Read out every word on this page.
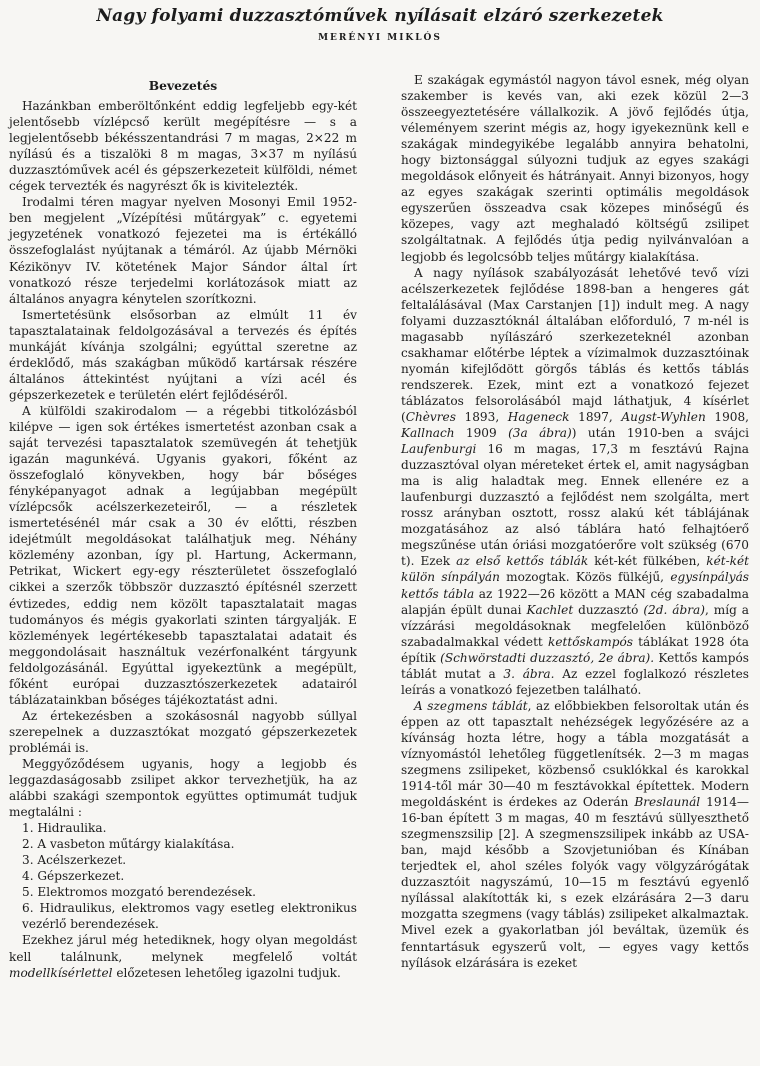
Nagy folyami duzzasztóművek nyílásait elzáró szerkezetek
MERÉNYI MIKLÓS
Bevezetés

Hazánkban emberöltőnként eddig legfeljebb egy-két jelentősebb vízlépcső került megépítésre — s a legjelentősebb békésszentandrási 7 m magas, 2×22 m nyílású és a tiszalöki 8 m magas, 3×37 m nyílású duzzasztóművek acél és gépszerkezeteit külföldi, német cégek tervezték és nagyrészt ők is kivitelezték.

Irodalmi téren magyar nyelven Mosonyi Emil 1952-ben megjelent „Vízépítési műtárgyak” c. egyetemi jegyzetének vonatkozó fejezetei ma is értékálló összefoglalást nyújtanak a témáról. Az újabb Mérnöki Kézikönyv IV. kötetének Major Sándor által írt vonatkozó része terjedelmi korlátozások miatt az általános anyagra kénytelen szorítkozni.

Ismertetésünk elsősorban az elmúlt 11 év tapasztalatainak feldolgozásával a tervezés és építés munkáját kívánja szolgálni; egyúttal szeretne az érdeklődő, más szakágban működő kartársak részére általános áttekintést nyújtani a vízi acél és gépszerkezetek e területén elért fejlődéséről.

A külföldi szakirodalom — a régebbi titkolózásból kilépve — igen sok értékes ismertetést azonban csak a saját tervezési tapasztalatok szemüvegén át tehetjük igazán magunkévá. Ugyanis gyakori, főként az összefoglaló könyvekben, hogy bár bőséges fényképanyagot adnak a legújabban megépült vízlépcsők acélszerkezeteiről, — a részletek ismertetésénél már csak a 30 év előtti, részben idejétmúlt megoldásokat találhatjuk meg. Néhány közlemény azonban, így pl. Hartung, Ackermann, Petrikat, Wickert egy-egy részterületet összefoglaló cikkei a szerzők többször duzzasztó építésnél szerzett évtizedes, eddig nem közölt tapasztalatait magas tudományos és mégis gyakorlati szinten tárgyalják. E közlemények legértékesebb tapasztalatai adatait és meggondolásait használtuk vezérfonalként tárgyunk feldolgozásánál. Egyúttal igyekeztünk a megépült, főként európai duzzasztószerkezetek adatairól táblázatainkban bőséges tájékoztatást adni.

Az értekezésben a szokásosnál nagyobb súllyal szerepelnek a duzzasztókat mozgató gépszerkezetek problémái is.

Meggyőződésem ugyanis, hogy a legjobb és leggazdaságosabb zsilipet akkor tervezhetjük, ha az alábbi szakági szempontok együttes optimumát tudjuk megtalálni :

1. Hidraulika.
2. A vasbeton műtárgy kialakítása.
3. Acélszerkezet.
4. Gépszerkezet.
5. Elektromos mozgató berendezések.
6. Hidraulikus, elektromos vagy esetleg elektronikus vezérlő berendezések.

Ezekhez járul még hetediknek, hogy olyan megoldást kell találnunk, melynek megfelelő voltát modellkísérlettel előzetesen lehetőleg igazolni tudjuk.

E szakágak egymástól nagyon távol esnek, még olyan szakember is kevés van, aki ezek közül 2—3 összeegyeztetésére vállalkozik. A jövő fejlődés útja, véleményem szerint mégis az, hogy igyekeznünk kell e szakágak mindegyikébe legalább annyira behatolni, hogy biztonsággal súlyozni tudjuk az egyes szakági megoldások előnyeit és hátrányait. Annyi bizonyos, hogy az egyes szakágak szerinti optimális megoldások egyszerűen összeadva csak közepes minőségű és közepes, vagy azt meghaladó költségű zsilipet szolgáltatnak. A fejlődés útja pedig nyilvánvalóan a legjobb és legolcsóbb teljes műtárgy kialakítása.

A nagy nyílások szabályozását lehetővé tevő vízi acélszerkezetek fejlődése 1898-ban a hengeres gát feltalálásával (Max Carstanjen [1]) indult meg. A nagy folyami duzzasztóknál általában előforduló, 7 m-nél is magasabb nyílászáró szerkezeteknél azonban csakhamar előtérbe léptek a vízimalmok duzzasztóinak nyomán kifejlődött görgős táblás és kettős táblás rendszerek. Ezek, mint ezt a vonatkozó fejezet táblázatos felsorolásából majd láthatjuk, 4 kísérlet (Chèvres 1893, Hageneck 1897, Augst-Wyhlen 1908, Kallnach 1909 (3a ábra)) után 1910-ben a svájci Laufenburgi 16 m magas, 17,3 m fesztávú Rajna duzzasztóval olyan méreteket értek el, amit nagyságban ma is alig haladtak meg. Ennek ellenére ez a laufenburgi duzzasztó a fejlődést nem szolgálta, mert rossz arányban osztott, rossz alakú két táblájának mozgatásához az alsó táblára ható felhajtóerő megszűnése után óriási mozgatóerőre volt szükség (670 t). Ezek az első kettős táblák két-két fülkében, két-két külön sínpályán mozogtak. Közös fülkéjű, egysínpályás kettős tábla az 1922—26 között a MAN cég szabadalma alapján épült dunai Kachlet duzzasztó (2d. ábra), míg a vízzárási megoldásoknak megfelelően különböző szabadalmakkal védett kettőskampós táblákat 1928 óta építik (Schwörstadti duzzasztó, 2e ábra). Kettős kampós táblát mutat a 3. ábra. Az ezzel foglalkozó részletes leírás a vonatkozó fejezetben található.

A szegmens táblát, az előbbiekben felsoroltak után és éppen az ott tapasztalt nehézségek legyőzésére az a kívánság hozta létre, hogy a tábla mozgatását a víznyomástól lehetőleg függetlenítsék. 2—3 m magas szegmens zsilipeket, közbenső csuklókkal és karokkal 1914-től már 30—40 m fesztávokkal építettek. Modern megoldásként is érdekes az Oderán Breslaunál 1914—16-ban épített 3 m magas, 40 m fesztávú süllyeszthető szegmenszsilip [2]. A szegmenszsilipek inkább az USA-ban, majd később a Szovjetunióban és Kínában terjedtek el, ahol széles folyók vagy völgyzárógátak duzzasztóit nagyszámú, 10—15 m fesztávú egyenlő nyílással alakították ki, s ezek elzárására 2—3 daru mozgatta szegmens (vagy táblás) zsilipeket alkalmaztak. Mivel ezek a gyakorlatban jól beváltak, üzemük és fenntartásuk egyszerű volt, — egyes vagy kettős nyílások elzárására is ezeket
